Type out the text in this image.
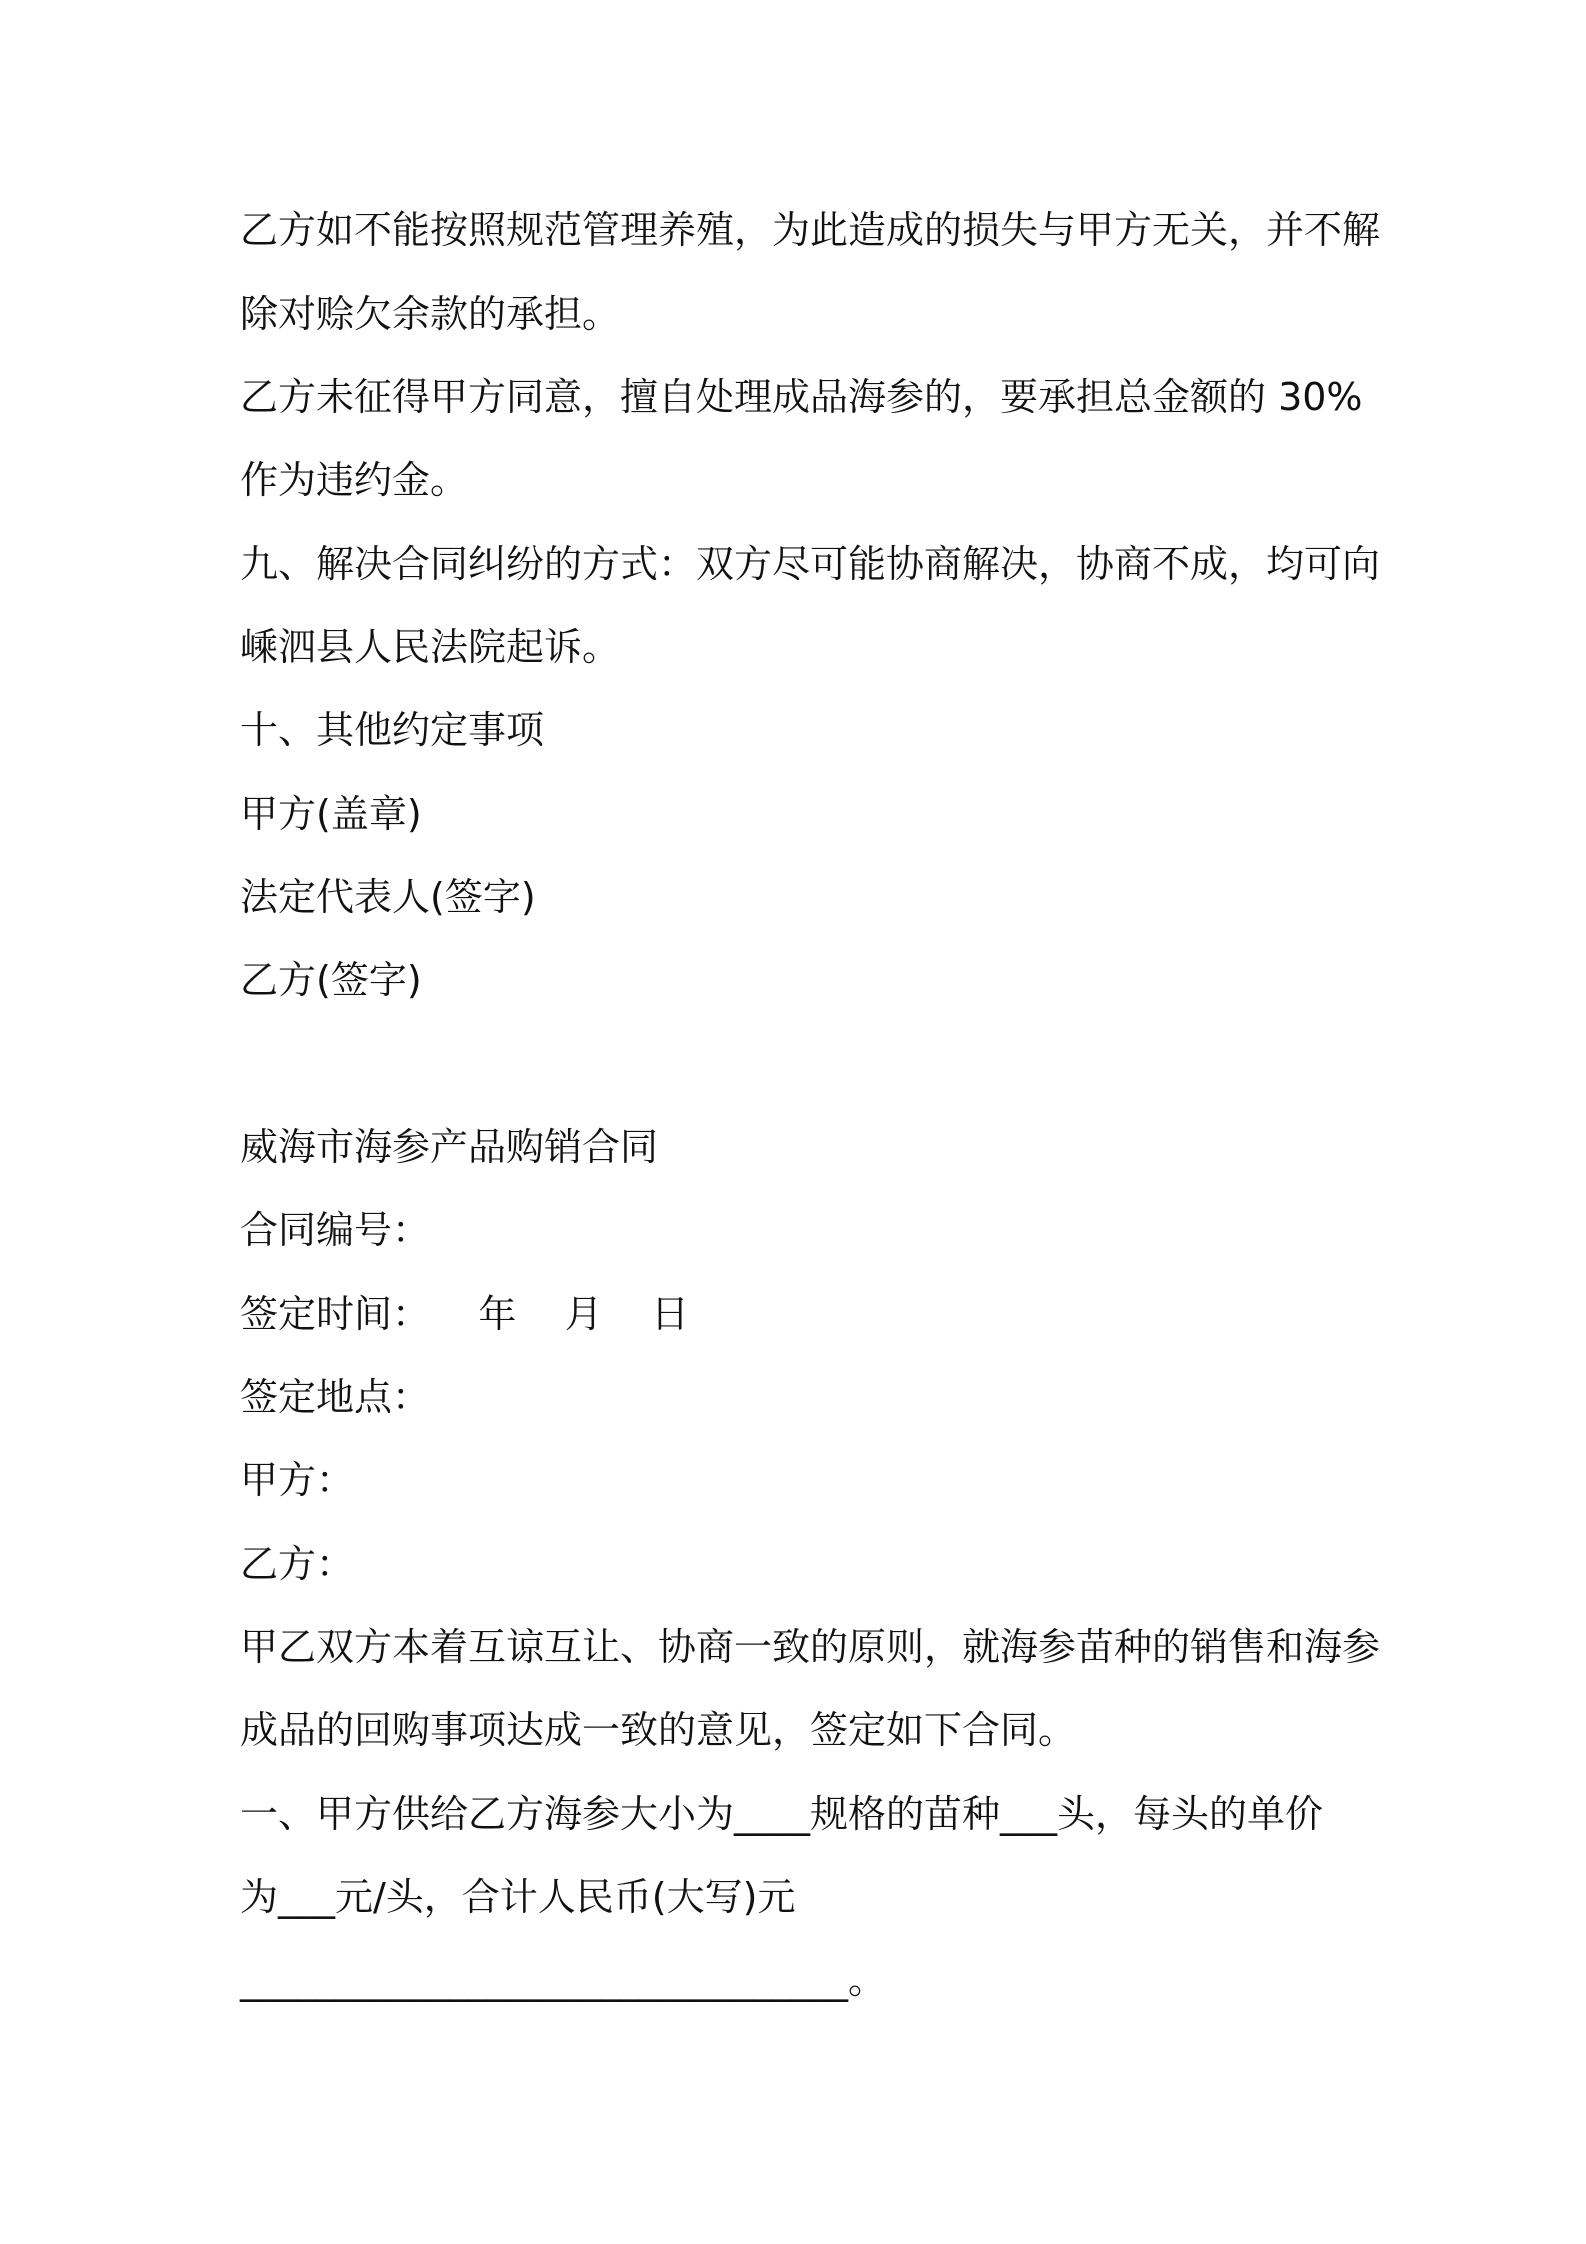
乙方如不能按照规范管理养殖，为此造成的损失与甲方无关，并不解
除对赊欠余款的承担。
乙方未征得甲方同意，擅自处理成品海参的，要承担总金额的 30%
作为违约金。
九、解决合同纠纷的方式：双方尽可能协商解决，协商不成，均可向
嵊泗县人民法院起诉。
十、其他约定事项
甲方(盖章)
法定代表人(签字)
乙方(签字)
威海市海参产品购销合同
合同编号：
签定时间：    年    月    日
签定地点：
甲方：
乙方：
甲乙双方本着互谅互让、协商一致的原则，就海参苗种的销售和海参
成品的回购事项达成一致的意见，签定如下合同。
一、甲方供给乙方海参大小为____规格的苗种___头，每头的单价
为___元/头，合计人民币(大写)元
________________________________。
